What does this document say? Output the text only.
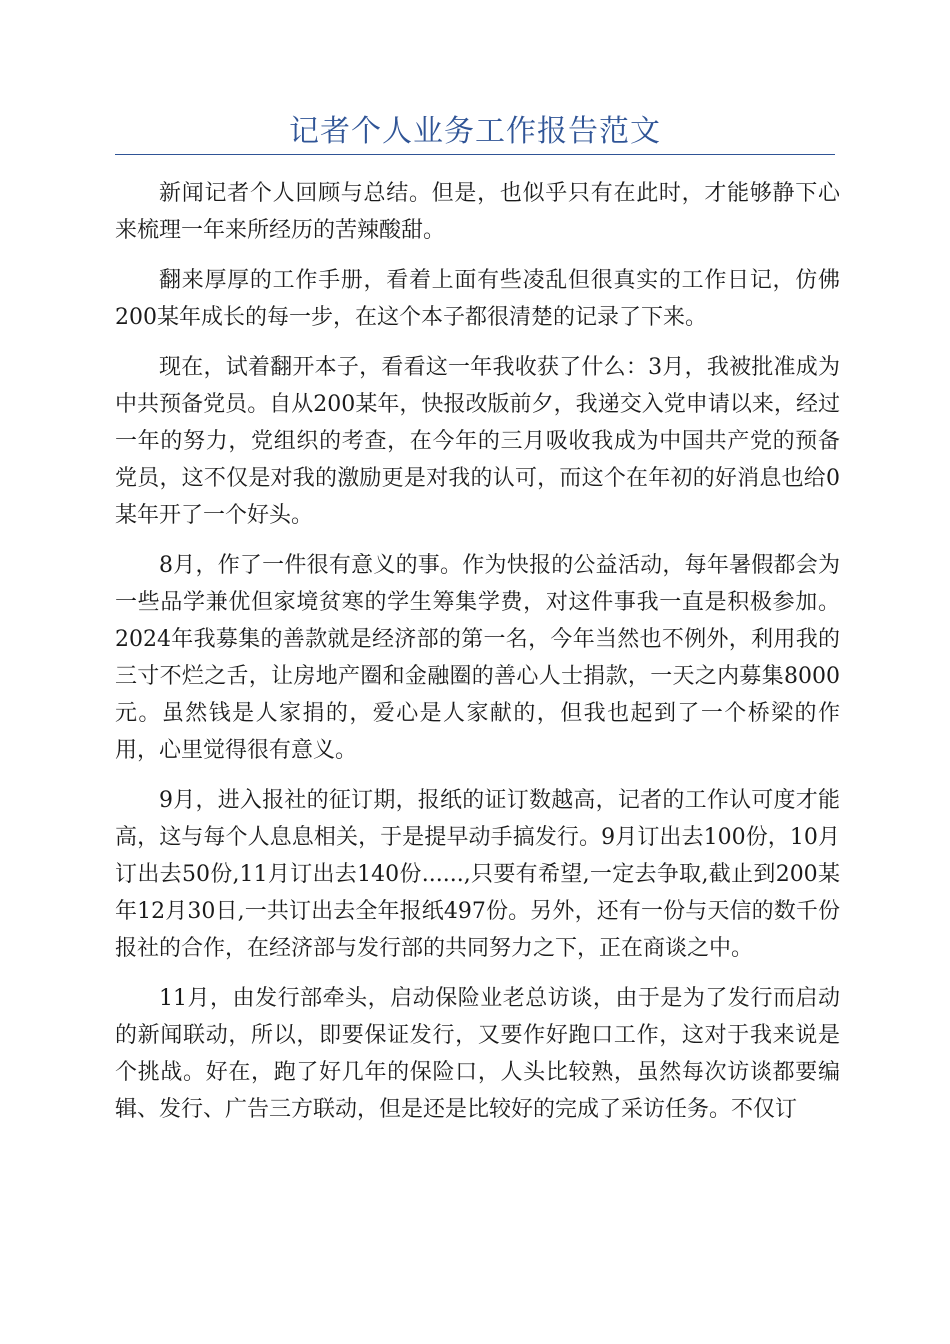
记者个人业务工作报告范文

新闻记者个人回顾与总结。但是，也似乎只有在此时，才能够静下心来梳理一年来所经历的苦辣酸甜。

翻来厚厚的工作手册，看着上面有些凌乱但很真实的工作日记，仿佛200某年成长的每一步，在这个本子都很清楚的记录了下来。

现在，试着翻开本子，看看这一年我收获了什么：3月，我被批准成为中共预备党员。自从200某年，快报改版前夕，我递交入党申请以来，经过一年的努力，党组织的考查，在今年的三月吸收我成为中国共产党的预备党员，这不仅是对我的激励更是对我的认可，而这个在年初的好消息也给0某年开了一个好头。

8月，作了一件很有意义的事。作为快报的公益活动，每年暑假都会为一些品学兼优但家境贫寒的学生筹集学费，对这件事我一直是积极参加。2024年我募集的善款就是经济部的第一名，今年当然也不例外，利用我的三寸不烂之舌，让房地产圈和金融圈的善心人士捐款，一天之内募集8000元。虽然钱是人家捐的，爱心是人家献的，但我也起到了一个桥梁的作用，心里觉得很有意义。

9月，进入报社的征订期，报纸的证订数越高，记者的工作认可度才能高，这与每个人息息相关，于是提早动手搞发行。9月订出去100份，10月订出去50份,11月订出去140份......,只要有希望,一定去争取,截止到200某年12月30日,一共订出去全年报纸497份。另外，还有一份与天信的数千份报社的合作，在经济部与发行部的共同努力之下，正在商谈之中。

11月，由发行部牵头，启动保险业老总访谈，由于是为了发行而启动的新闻联动，所以，即要保证发行，又要作好跑口工作，这对于我来说是个挑战。好在，跑了好几年的保险口，人头比较熟，虽然每次访谈都要编辑、发行、广告三方联动，但是还是比较好的完成了采访任务。不仅订
